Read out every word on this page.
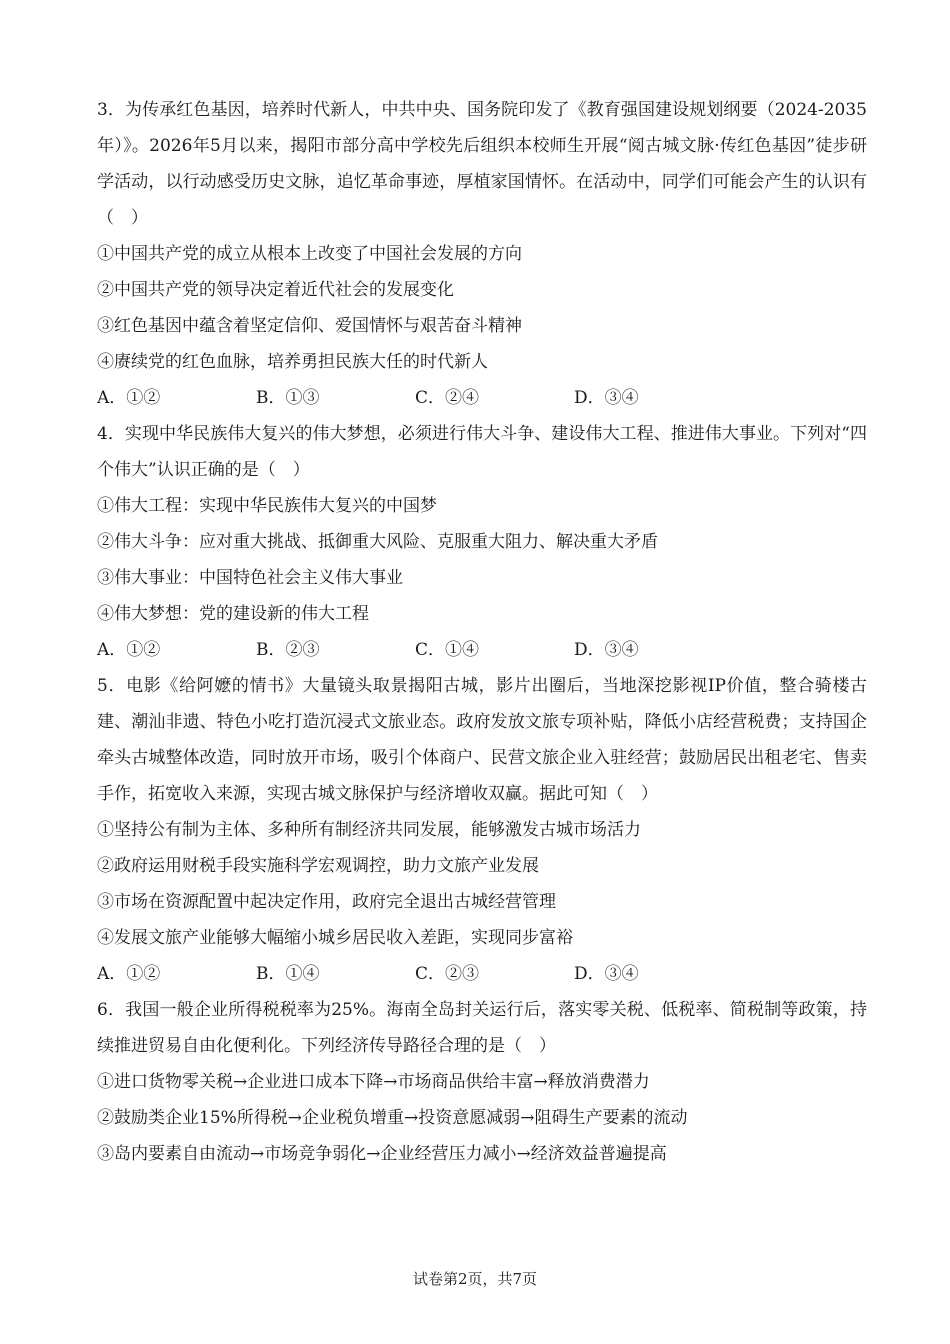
3．为传承红色基因，培养时代新人，中共中央、国务院印发了《教育强国建设规划纲要（2024-2035年）》。2026年5月以来，揭阳市部分高中学校先后组织本校师生开展“阅古城文脉·传红色基因”徒步研学活动，以行动感受历史文脉，追忆革命事迹，厚植家国情怀。在活动中，同学们可能会产生的认识有（　）

①中国共产党的成立从根本上改变了中国社会发展的方向

②中国共产党的领导决定着近代社会的发展变化

③红色基因中蕴含着坚定信仰、爱国情怀与艰苦奋斗精神

④赓续党的红色血脉，培养勇担民族大任的时代新人

A．①②	B．①③	C．②④	D．③④

4．实现中华民族伟大复兴的伟大梦想，必须进行伟大斗争、建设伟大工程、推进伟大事业。下列对“四个伟大”认识正确的是（　）

①伟大工程：实现中华民族伟大复兴的中国梦

②伟大斗争：应对重大挑战、抵御重大风险、克服重大阻力、解决重大矛盾

③伟大事业：中国特色社会主义伟大事业

④伟大梦想：党的建设新的伟大工程

A．①②	B．②③	C．①④	D．③④

5．电影《给阿嬷的情书》大量镜头取景揭阳古城，影片出圈后，当地深挖影视IP价值，整合骑楼古建、潮汕非遗、特色小吃打造沉浸式文旅业态。政府发放文旅专项补贴，降低小店经营税费；支持国企牵头古城整体改造，同时放开市场，吸引个体商户、民营文旅企业入驻经营；鼓励居民出租老宅、售卖手作，拓宽收入来源，实现古城文脉保护与经济增收双赢。据此可知（　）

①坚持公有制为主体、多种所有制经济共同发展，能够激发古城市场活力

②政府运用财税手段实施科学宏观调控，助力文旅产业发展

③市场在资源配置中起决定作用，政府完全退出古城经营管理

④发展文旅产业能够大幅缩小城乡居民收入差距，实现同步富裕

A．①②	B．①④	C．②③	D．③④

6．我国一般企业所得税税率为25%。海南全岛封关运行后，落实零关税、低税率、简税制等政策，持续推进贸易自由化便利化。下列经济传导路径合理的是（　）

①进口货物零关税→企业进口成本下降→市场商品供给丰富→释放消费潜力

②鼓励类企业15%所得税→企业税负增重→投资意愿减弱→阻碍生产要素的流动

③岛内要素自由流动→市场竞争弱化→企业经营压力减小→经济效益普遍提高

试卷第2页，共7页
